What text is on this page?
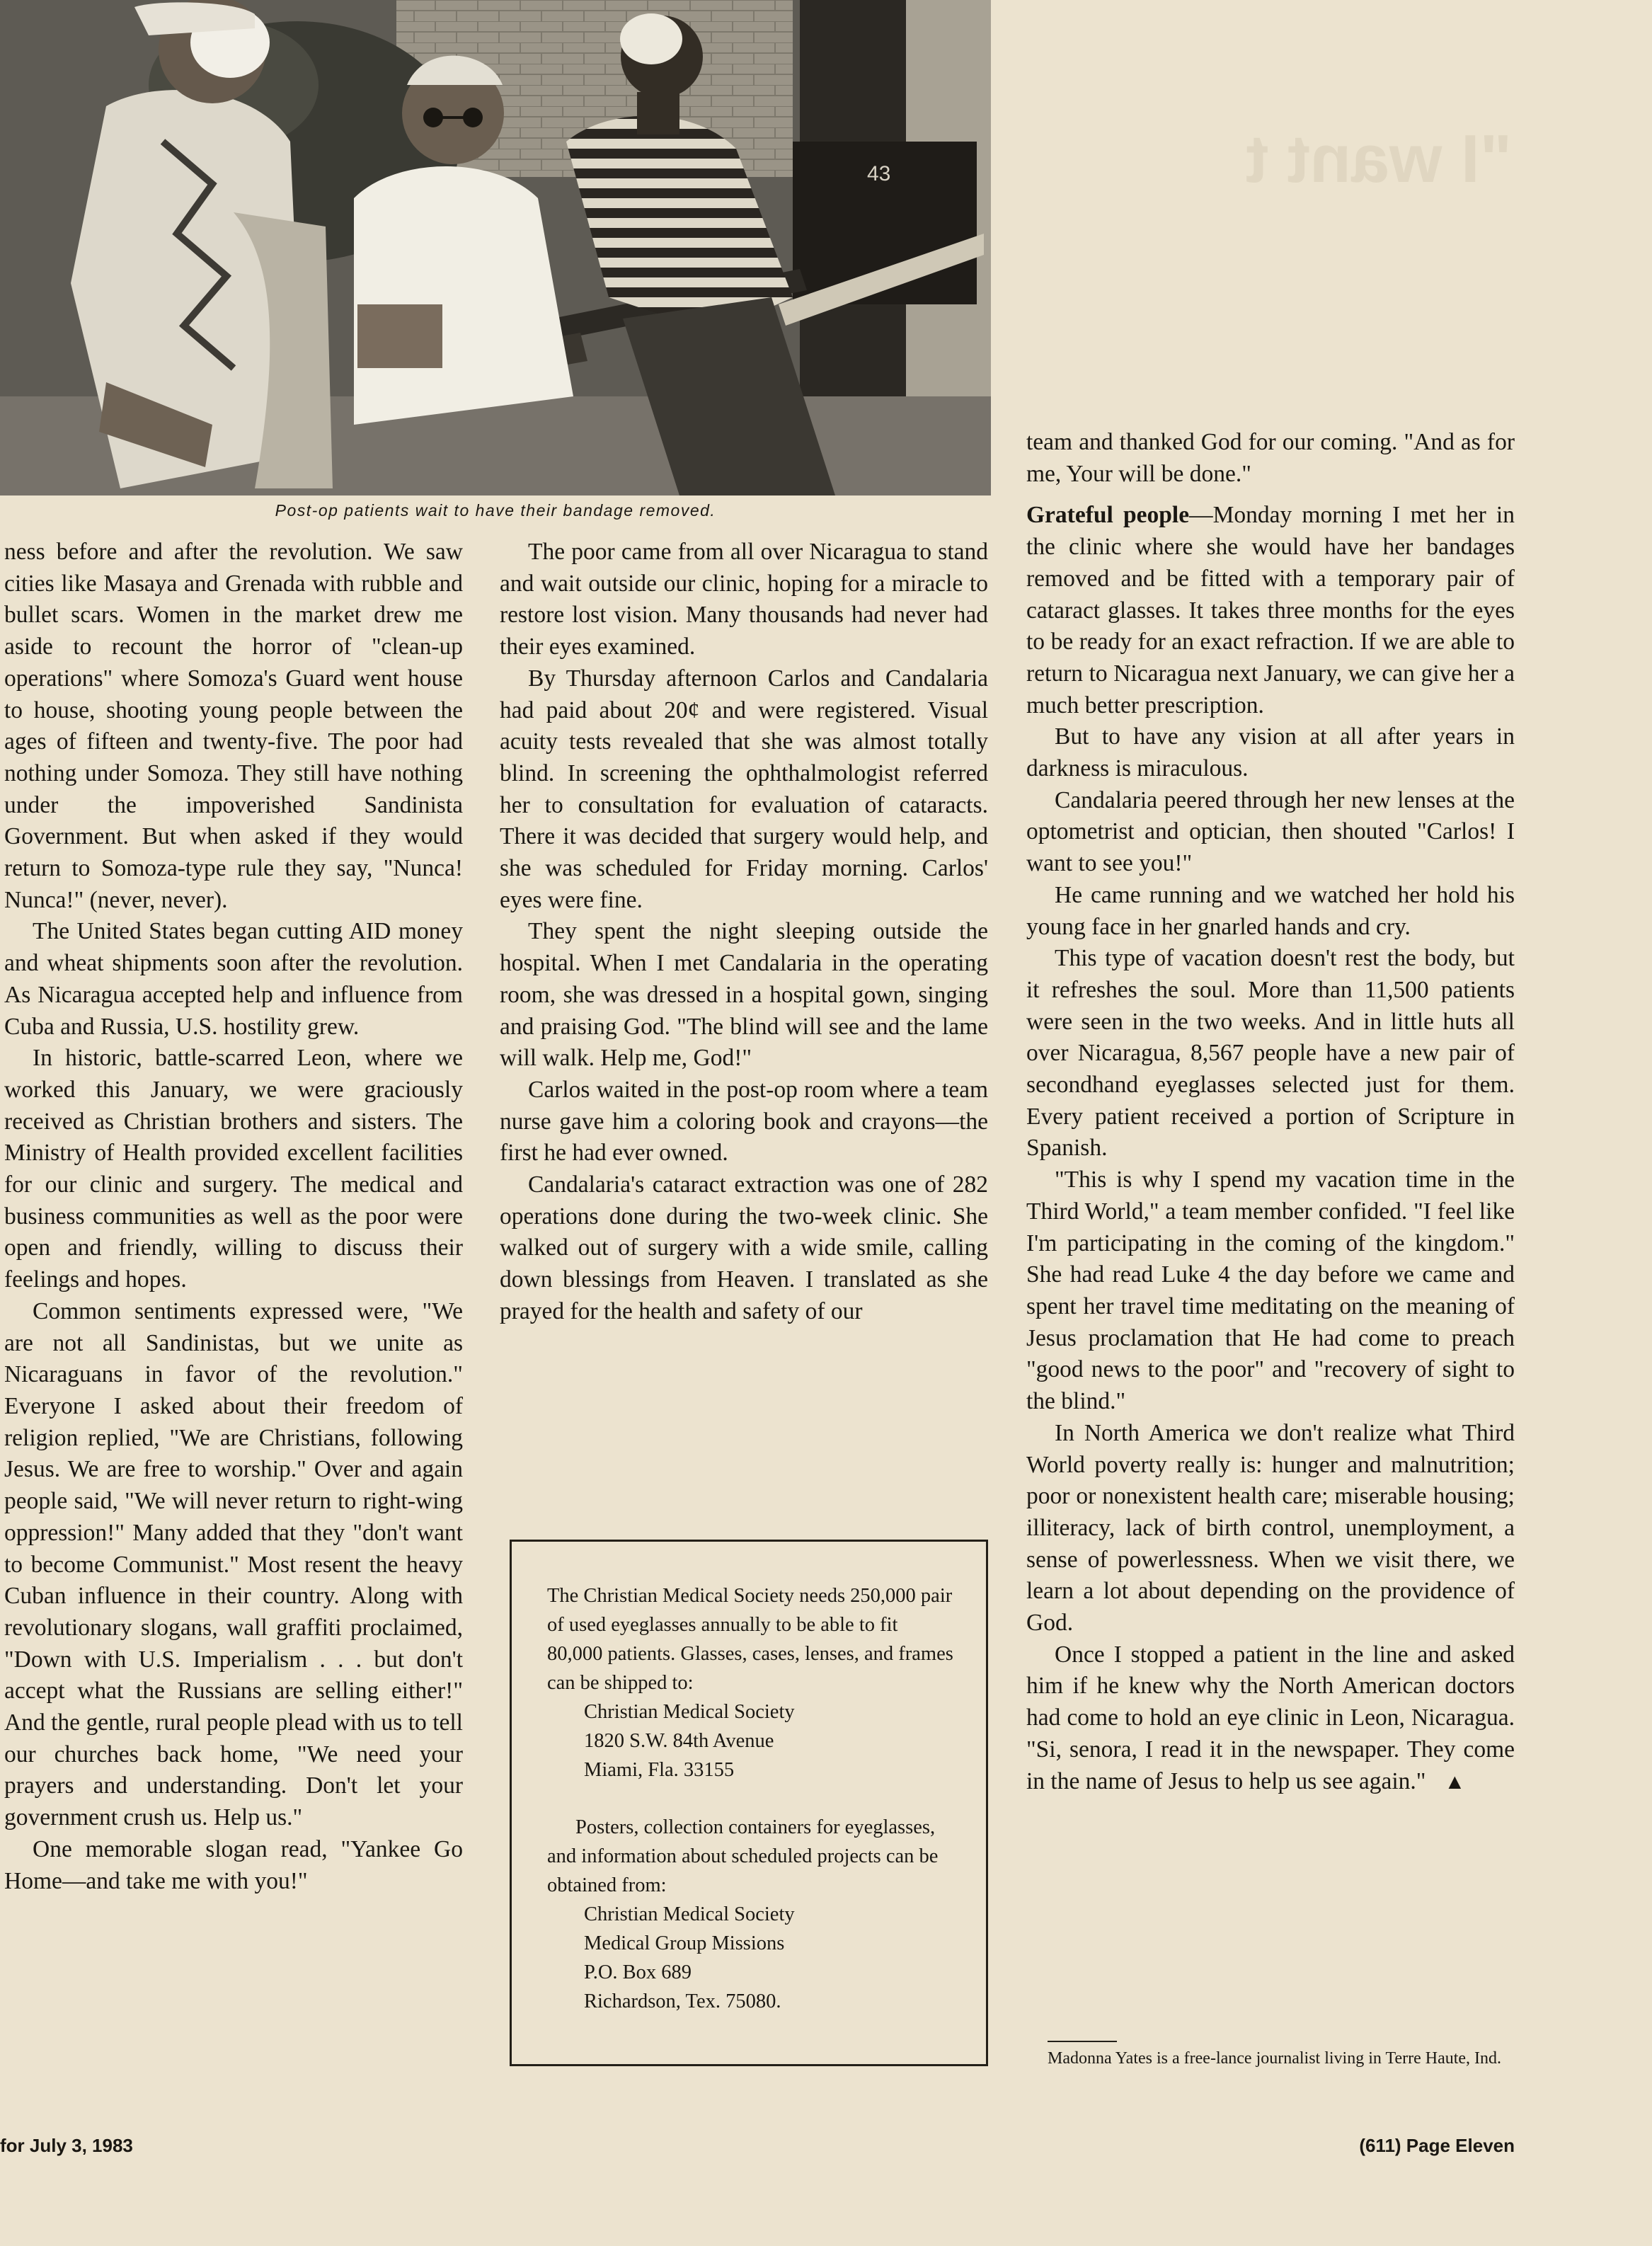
"I want t
43
Post-op patients wait to have their bandage removed.

ness before and after the revolution. We saw cities like Masaya and Grenada with rubble and bullet scars. Women in the market drew me aside to recount the horror of "clean-up operations" where Somoza's Guard went house to house, shooting young people between the ages of fifteen and twenty-five. The poor had nothing under Somoza. They still have nothing under the impoverished Sandinista Government. But when asked if they would return to Somoza-type rule they say, "Nunca! Nunca!" (never, never).

The United States began cutting AID money and wheat shipments soon after the revolution. As Nicaragua accepted help and influence from Cuba and Russia, U.S. hostility grew.

In historic, battle-scarred Leon, where we worked this January, we were graciously received as Christian brothers and sisters. The Ministry of Health provided excellent facilities for our clinic and surgery. The medical and business communities as well as the poor were open and friendly, willing to discuss their feelings and hopes.

Common sentiments expressed were, "We are not all Sandinistas, but we unite as Nicaraguans in favor of the revolution." Everyone I asked about their freedom of religion replied, "We are Christians, following Jesus. We are free to worship." Over and again people said, "We will never return to right-wing oppression!" Many added that they "don't want to become Communist." Most resent the heavy Cuban influence in their country. Along with revolutionary slogans, wall graffiti proclaimed, "Down with U.S. Imperialism . . . but don't accept what the Russians are selling either!" And the gentle, rural people plead with us to tell our churches back home, "We need your prayers and understanding. Don't let your government crush us. Help us."

One memorable slogan read, "Yankee Go Home—and take me with you!"

The poor came from all over Nicaragua to stand and wait outside our clinic, hoping for a miracle to restore lost vision. Many thousands had never had their eyes examined.

By Thursday afternoon Carlos and Candalaria had paid about 20¢ and were registered. Visual acuity tests revealed that she was almost totally blind. In screening the ophthalmologist referred her to consultation for evaluation of cataracts. There it was decided that surgery would help, and she was scheduled for Friday morning. Carlos' eyes were fine.

They spent the night sleeping outside the hospital. When I met Candalaria in the operating room, she was dressed in a hospital gown, singing and praising God. "The blind will see and the lame will walk. Help me, God!"

Carlos waited in the post-op room where a team nurse gave him a coloring book and crayons—the first he had ever owned.

Candalaria's cataract extraction was one of 282 operations done during the two-week clinic. She walked out of surgery with a wide smile, calling down blessings from Heaven. I translated as she prayed for the health and safety of our

team and thanked God for our coming. "And as for me, Your will be done."

Grateful people—Monday morning I met her in the clinic where she would have her bandages removed and be fitted with a temporary pair of cataract glasses. It takes three months for the eyes to be ready for an exact refraction. If we are able to return to Nicaragua next January, we can give her a much better prescription.

But to have any vision at all after years in darkness is miraculous.

Candalaria peered through her new lenses at the optometrist and optician, then shouted "Carlos! I want to see you!"

He came running and we watched her hold his young face in her gnarled hands and cry.

This type of vacation doesn't rest the body, but it refreshes the soul. More than 11,500 patients were seen in the two weeks. And in little huts all over Nicaragua, 8,567 people have a new pair of secondhand eyeglasses selected just for them. Every patient received a portion of Scripture in Spanish.

"This is why I spend my vacation time in the Third World," a team member confided. "I feel like I'm participating in the coming of the kingdom." She had read Luke 4 the day before we came and spent her travel time meditating on the meaning of Jesus proclamation that He had come to preach "good news to the poor" and "recovery of sight to the blind."

In North America we don't realize what Third World poverty really is: hunger and malnutrition; poor or nonexistent health care; miserable housing; illiteracy, lack of birth control, unemployment, a sense of powerlessness. When we visit there, we learn a lot about depending on the providence of God.

Once I stopped a patient in the line and asked him if he knew why the North American doctors had come to hold an eye clinic in Leon, Nicaragua. "Si, senora, I read it in the newspaper. They come in the name of Jesus to help us see again." ▲

The Christian Medical Society needs 250,000 pair of used eyeglasses annually to be able to fit 80,000 patients. Glasses, cases, lenses, and frames can be shipped to:

Christian Medical Society

1820 S.W. 84th Avenue

Miami, Fla. 33155

Posters, collection containers for eyeglasses, and information about scheduled projects can be obtained from:

Christian Medical Society

Medical Group Missions

P.O. Box 689

Richardson, Tex. 75080.

Madonna Yates is a free-lance journalist living in Terre Haute, Ind.
for July 3, 1983	(611) Page Eleven
